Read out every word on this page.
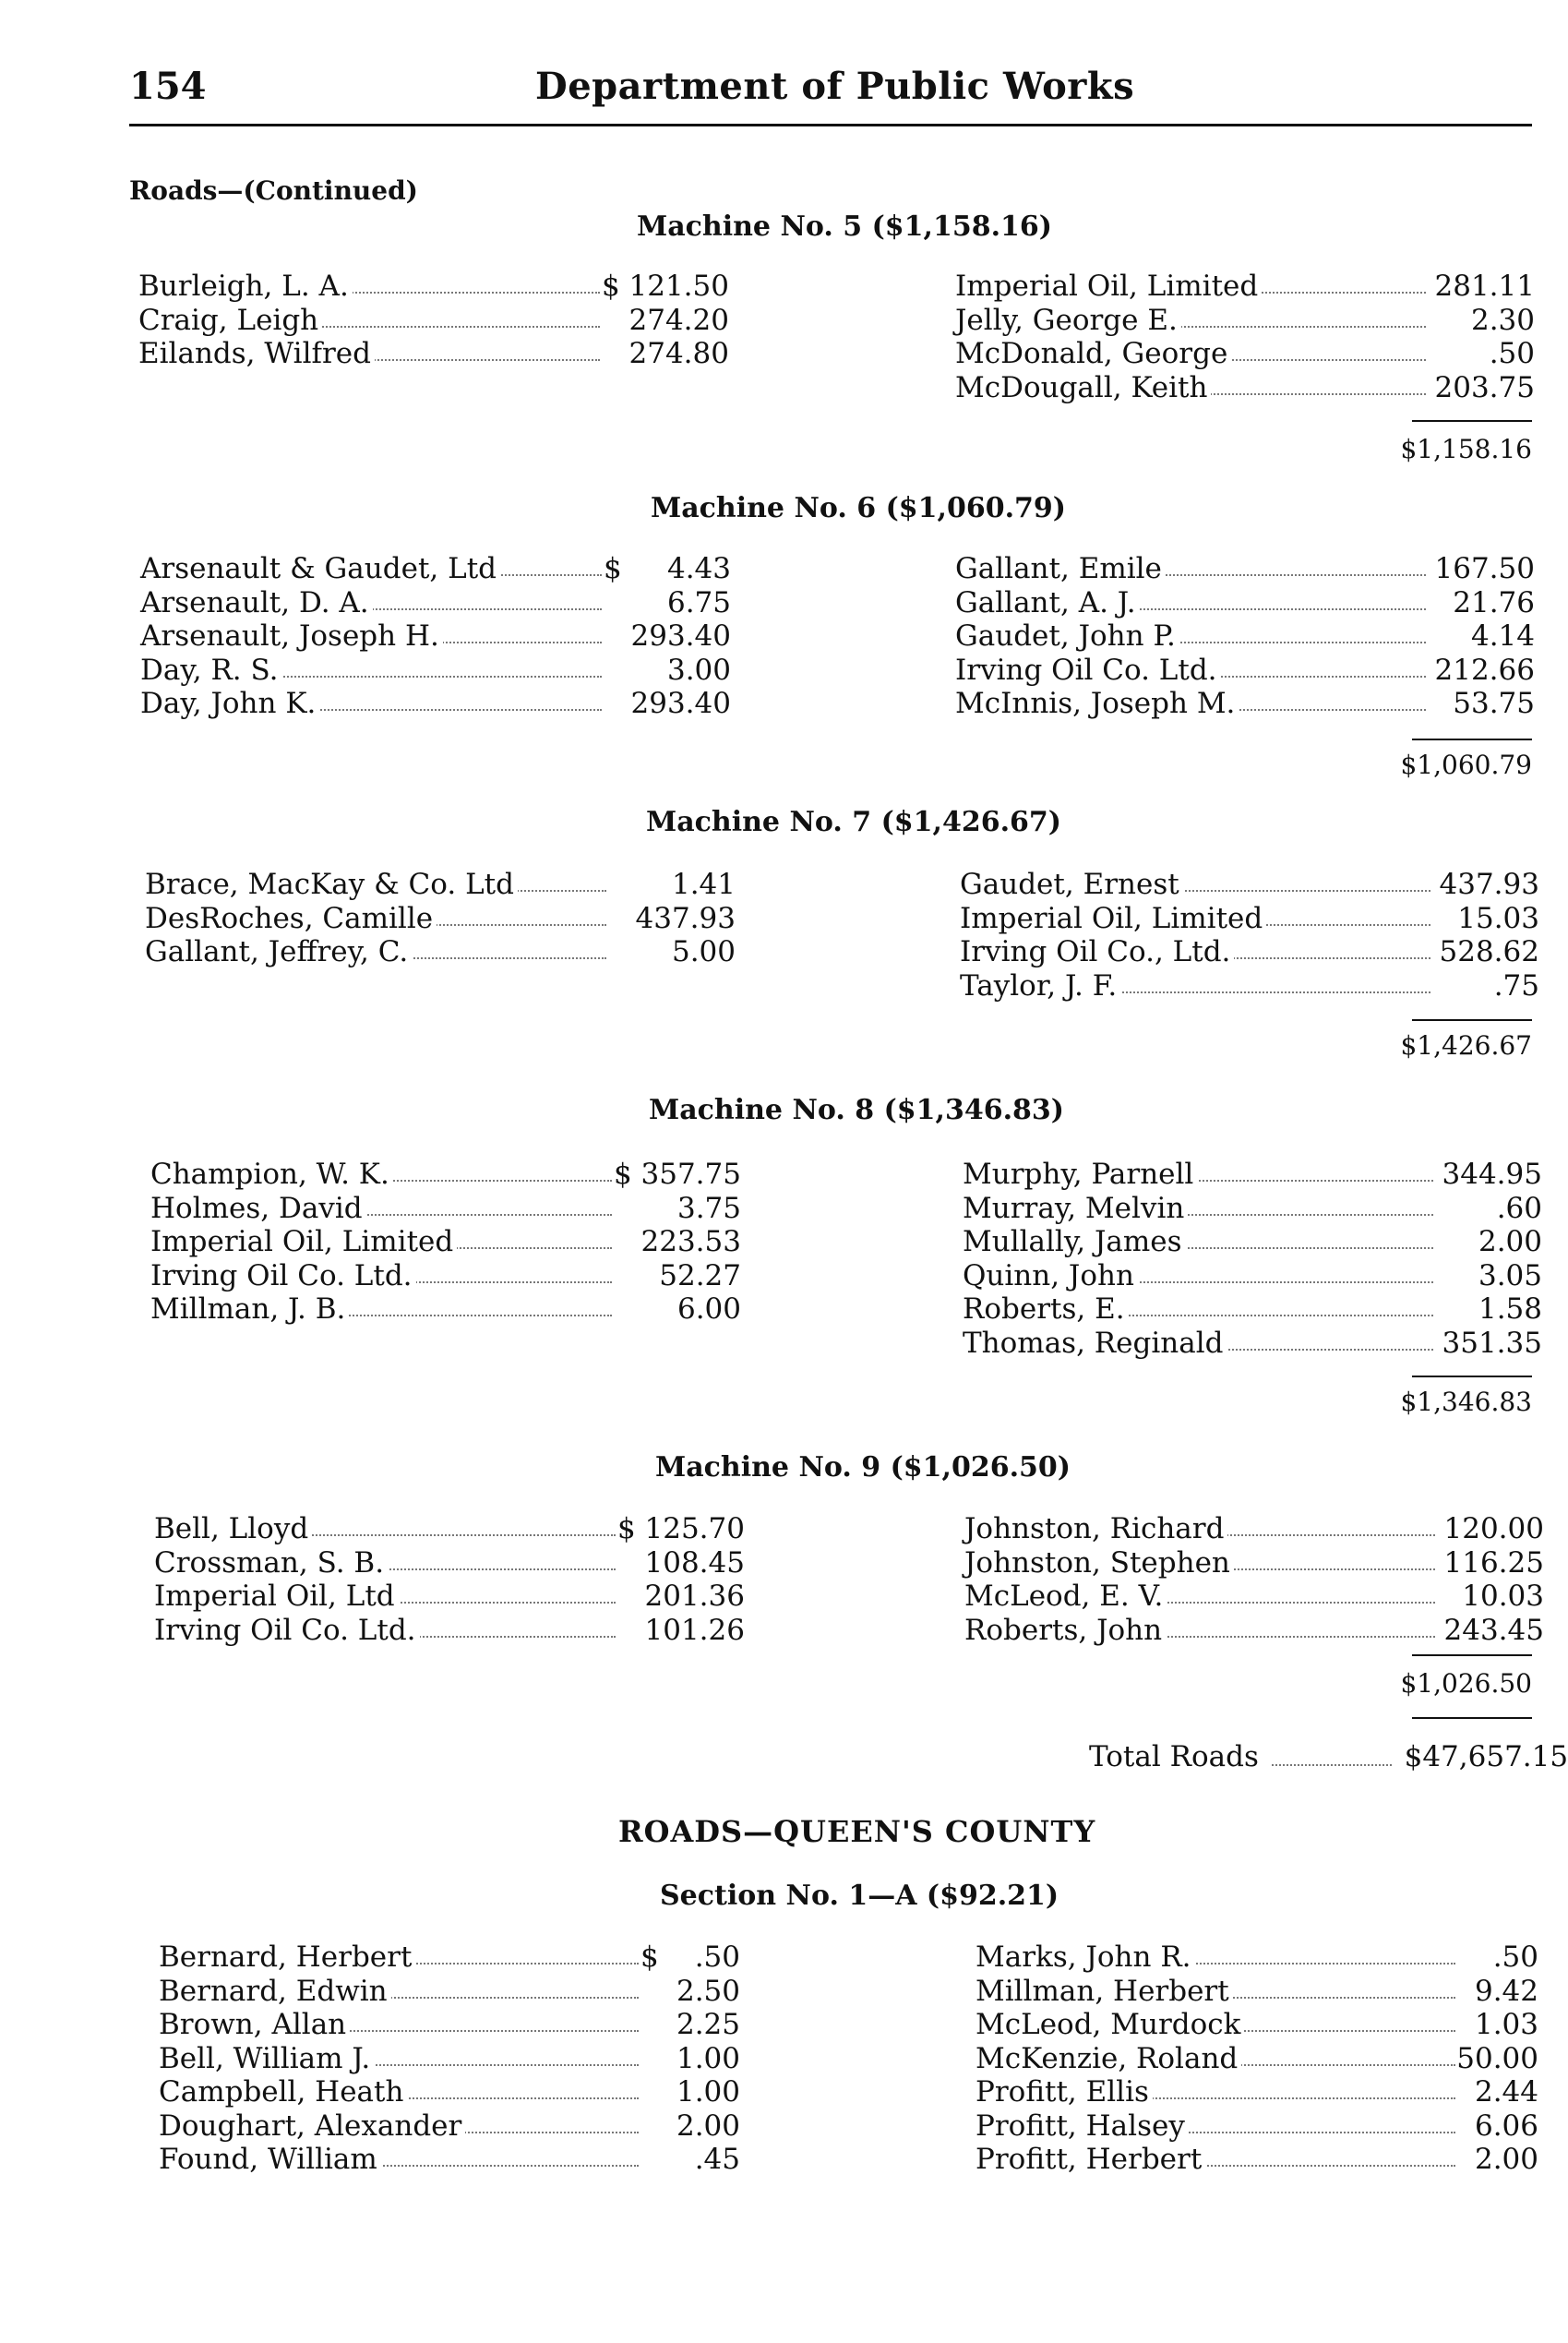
154	Department of Public Works
Roads—(Continued)
Machine No. 5 ($1,158.16)
Burleigh, L. A.	$ 121.50
Craig, Leigh	274.20
Eilands, Wilfred	274.80
Imperial Oil, Limited	281.11
Jelly, George E.	2.30
McDonald, George	.50
McDougall, Keith	203.75
$1,158.16
Machine No. 6 ($1,060.79)
Arsenault & Gaudet, Ltd	$	4.43
Arsenault, D. A.	6.75
Arsenault, Joseph H.	293.40
Day, R. S.	3.00
Day, John K.	293.40
Gallant, Emile	167.50
Gallant, A. J.	21.76
Gaudet, John P.	4.14
Irving Oil Co. Ltd.	212.66
McInnis, Joseph M.	53.75
$1,060.79
Machine No. 7 ($1,426.67)
Brace, MacKay & Co. Ltd	1.41
DesRoches, Camille	437.93
Gallant, Jeffrey, C.	5.00
Gaudet, Ernest	437.93
Imperial Oil, Limited	15.03
Irving Oil Co., Ltd.	528.62
Taylor, J. F.	.75
$1,426.67
Machine No. 8 ($1,346.83)
Champion, W. K.	$ 357.75
Holmes, David	3.75
Imperial Oil, Limited	223.53
Irving Oil Co. Ltd.	52.27
Millman, J. B.	6.00
Murphy, Parnell	344.95
Murray, Melvin	.60
Mullally, James	2.00
Quinn, John	3.05
Roberts, E.	1.58
Thomas, Reginald	351.35
$1,346.83
Machine No. 9 ($1,026.50)
Bell, Lloyd	$ 125.70
Crossman, S. B.	108.45
Imperial Oil, Ltd	201.36
Irving Oil Co. Ltd.	101.26
Johnston, Richard	120.00
Johnston, Stephen	116.25
McLeod, E. V.	10.03
Roberts, John	243.45
$1,026.50
Section No. 1—A ($92.21)
Bernard, Herbert	$	.50
Bernard, Edwin	2.50
Brown, Allan	2.25
Bell, William J.	1.00
Campbell, Heath	1.00
Doughart, Alexander	2.00
Found, William	.45
Marks, John R.	.50
Millman, Herbert	9.42
McLeod, Murdock	1.03
McKenzie, Roland	50.00
Profitt, Ellis	2.44
Profitt, Halsey	6.06
Profitt, Herbert	2.00
Total Roads	$47,657.15
ROADS—QUEEN'S COUNTY
